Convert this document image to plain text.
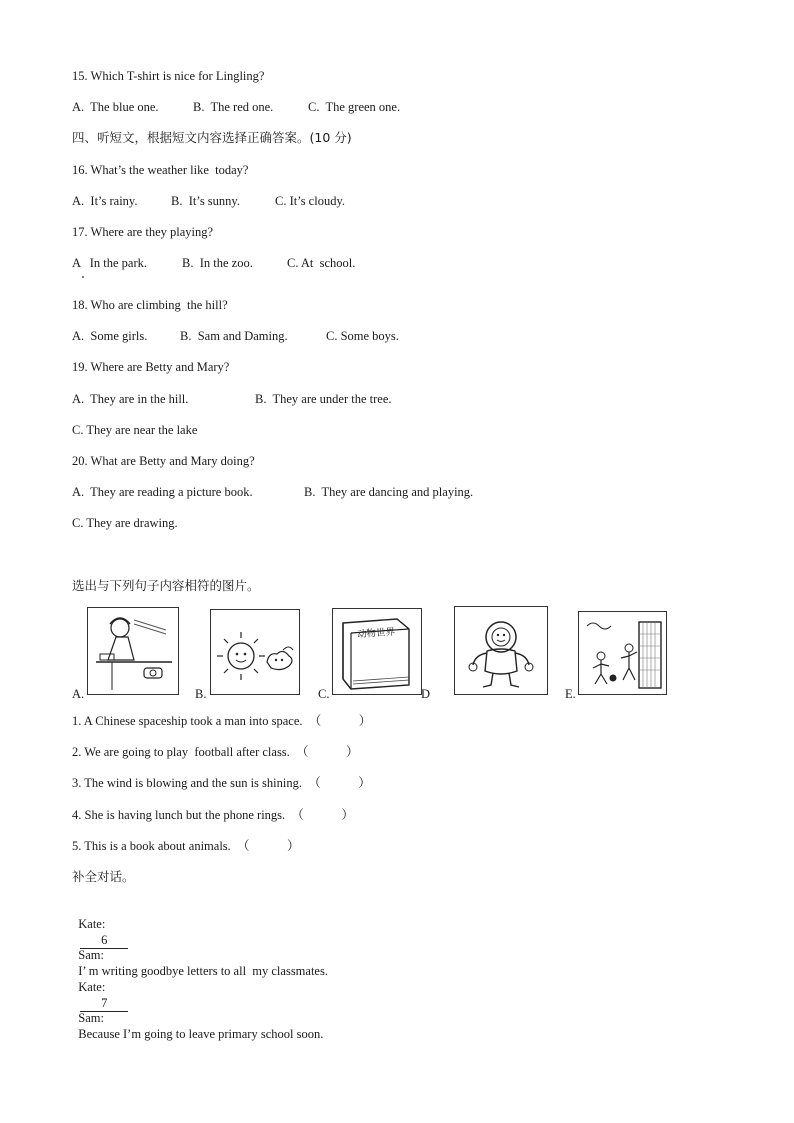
15. Which T-shirt is nice for Lingling?
A.  The blue one.	B.  The red one.	C.  The green one.
四、听短文，根据短文内容选择正确答案。(10 分)
16. What’s the weather like  today?
A.  It’s rainy.	B.  It’s sunny.	C. It’s cloudy.
17. Where are they playing?
A   In the park.	B.  In the zoo.	C. At  school.
18. Who are climbing  the hill?
A.  Some girls.	B.  Sam and Daming.	C. Some boys.
19. Where are Betty and Mary?
A.  They are in the hill.	B.  They are under the tree.
C. They are near the lake
20. What are Betty and Mary doing?
A.  They are reading a picture book.	B.  They are dancing and playing.
C. They are drawing.
选出与下列句子内容相符的图片。
A.	B.	C.
动物世界
D	E.
1. A Chinese spaceship took a man into space.  （            ）
2. We are going to play  football after class.  （            ）
3. The wind is blowing and the sun is shining.  （            ）
4. She is having lunch but the phone rings.  （            ）
5. This is a book about animals.  （            ）
补全对话。

Kate:
6

Sam:
I’ m writing goodbye letters to all  my classmates.

Kate:
7

Sam:
Because I’m going to leave primary school soon.
